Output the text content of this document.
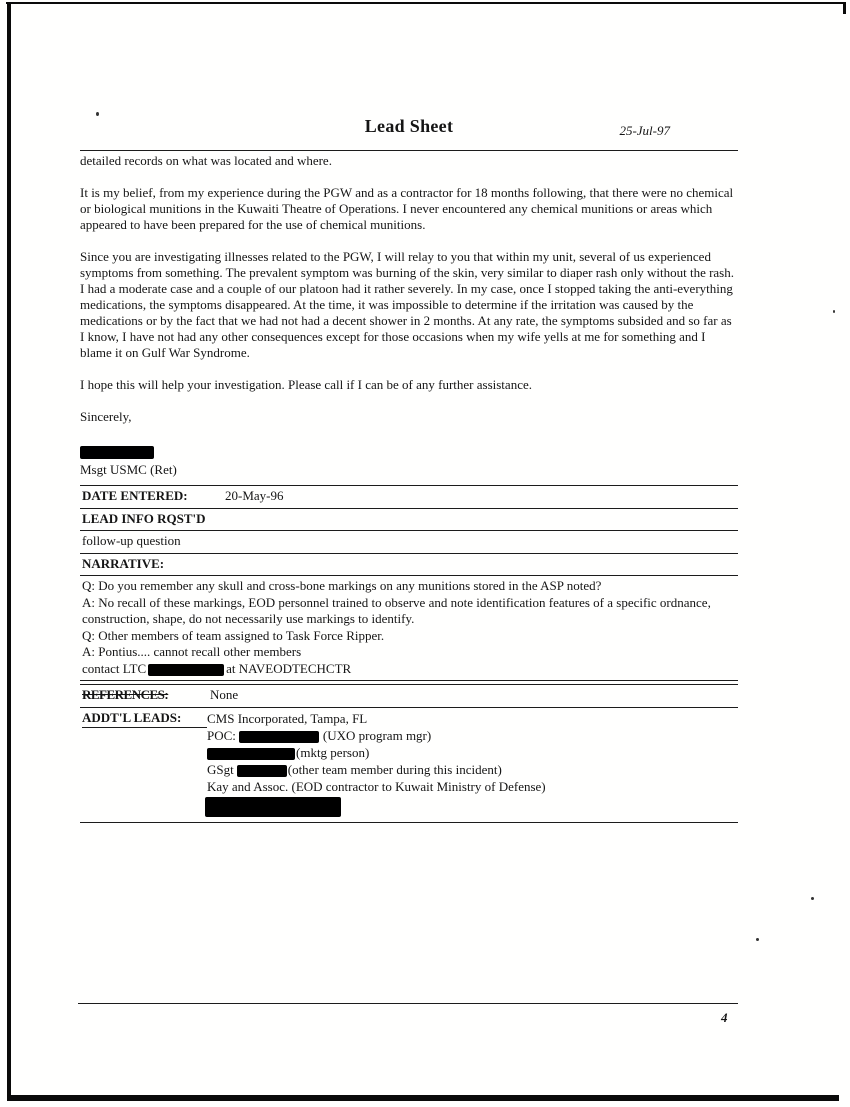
Lead Sheet	25-Jul-97
detailed records on what was located and where.

It is my belief, from my experience during the PGW and as a contractor for 18 months following, that there were no chemical or biological munitions in the Kuwaiti Theatre of Operations. I never encountered any chemical munitions or areas which appeared to have been prepared for the use of chemical munitions.

Since you are investigating illnesses related to the PGW, I will relay to you that within my unit, several of us experienced symptoms from something. The prevalent symptom was burning of the skin, very similar to diaper rash only without the rash. I had a moderate case and a couple of our platoon had it rather severely. In my case, once I stopped taking the anti-everything medications, the symptoms disappeared. At the time, it was impossible to determine if the irritation was caused by the medications or by the fact that we had not had a decent shower in 2 months. At any rate, the symptoms subsided and so far as I know, I have not had any other consequences except for those occasions when my wife yells at me for something and I blame it on Gulf War Syndrome.

I hope this will help your investigation. Please call if I can be of any further assistance.

Sincerely,

Msgt USMC (Ret)
DATE ENTERED:	20-May-96
LEAD INFO RQST'D
follow-up question
NARRATIVE:

Q: Do you remember any skull and cross-bone markings on any munitions stored in the ASP noted?

A: No recall of these markings, EOD personnel trained to observe and note identification features of a specific ordnance, construction, shape, do not necessarily use markings to identify.

Q: Other members of team assigned to Task Force Ripper.

A: Pontius.... cannot recall other members

contact LTC	at NAVEODTECHCTR

REFERENCES:	None
ADDT'L LEADS:	CMS Incorporated, Tampa, FL

POC:	(UXO program mgr)

(mktg person)

GSgt	(other team member during this incident)

Kay and Assoc. (EOD contractor to Kuwait Ministry of Defense)

4
